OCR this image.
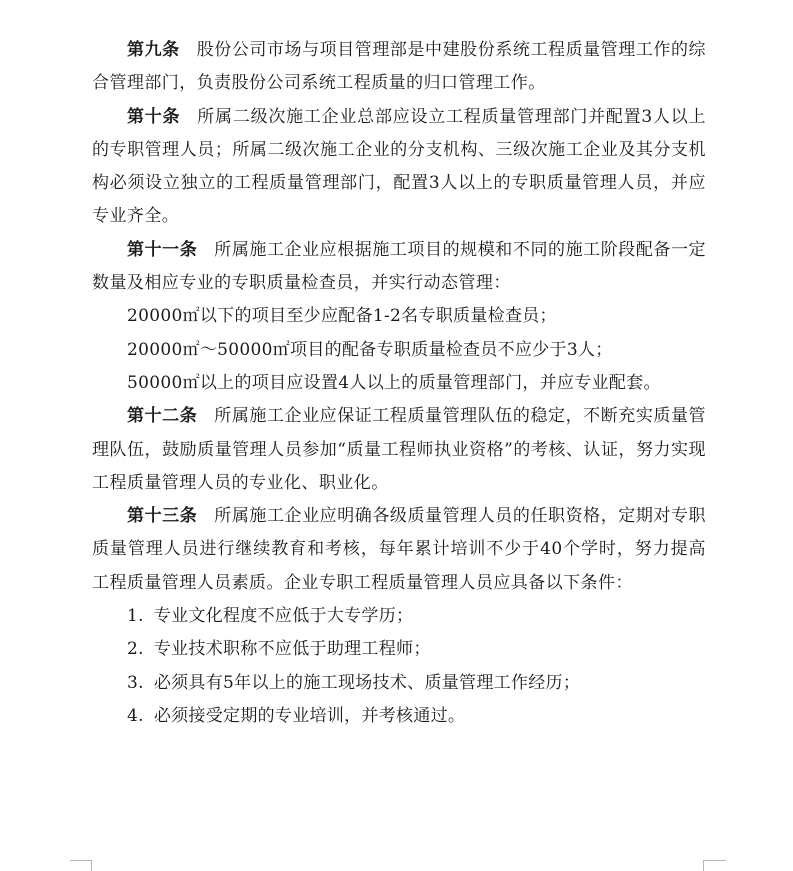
第九条 股份公司市场与项目管理部是中建股份系统工程质量管理工作的综合管理部门，负责股份公司系统工程质量的归口管理工作。

第十条 所属二级次施工企业总部应设立工程质量管理部门并配置3人以上的专职管理人员；所属二级次施工企业的分支机构、三级次施工企业及其分支机构必须设立独立的工程质量管理部门，配置3人以上的专职质量管理人员，并应专业齐全。

第十一条 所属施工企业应根据施工项目的规模和不同的施工阶段配备一定数量及相应专业的专职质量检查员，并实行动态管理：

20000㎡以下的项目至少应配备1-2名专职质量检查员；

20000㎡～50000㎡项目的配备专职质量检查员不应少于3人；

50000㎡以上的项目应设置4人以上的质量管理部门，并应专业配套。

第十二条 所属施工企业应保证工程质量管理队伍的稳定，不断充实质量管理队伍，鼓励质量管理人员参加“质量工程师执业资格”的考核、认证，努力实现工程质量管理人员的专业化、职业化。

第十三条 所属施工企业应明确各级质量管理人员的任职资格，定期对专职质量管理人员进行继续教育和考核，每年累计培训不少于40个学时，努力提高工程质量管理人员素质。企业专职工程质量管理人员应具备以下条件：

1. 专业文化程度不应低于大专学历；

2. 专业技术职称不应低于助理工程师；

3. 必须具有5年以上的施工现场技术、质量管理工作经历；

4. 必须接受定期的专业培训，并考核通过。
